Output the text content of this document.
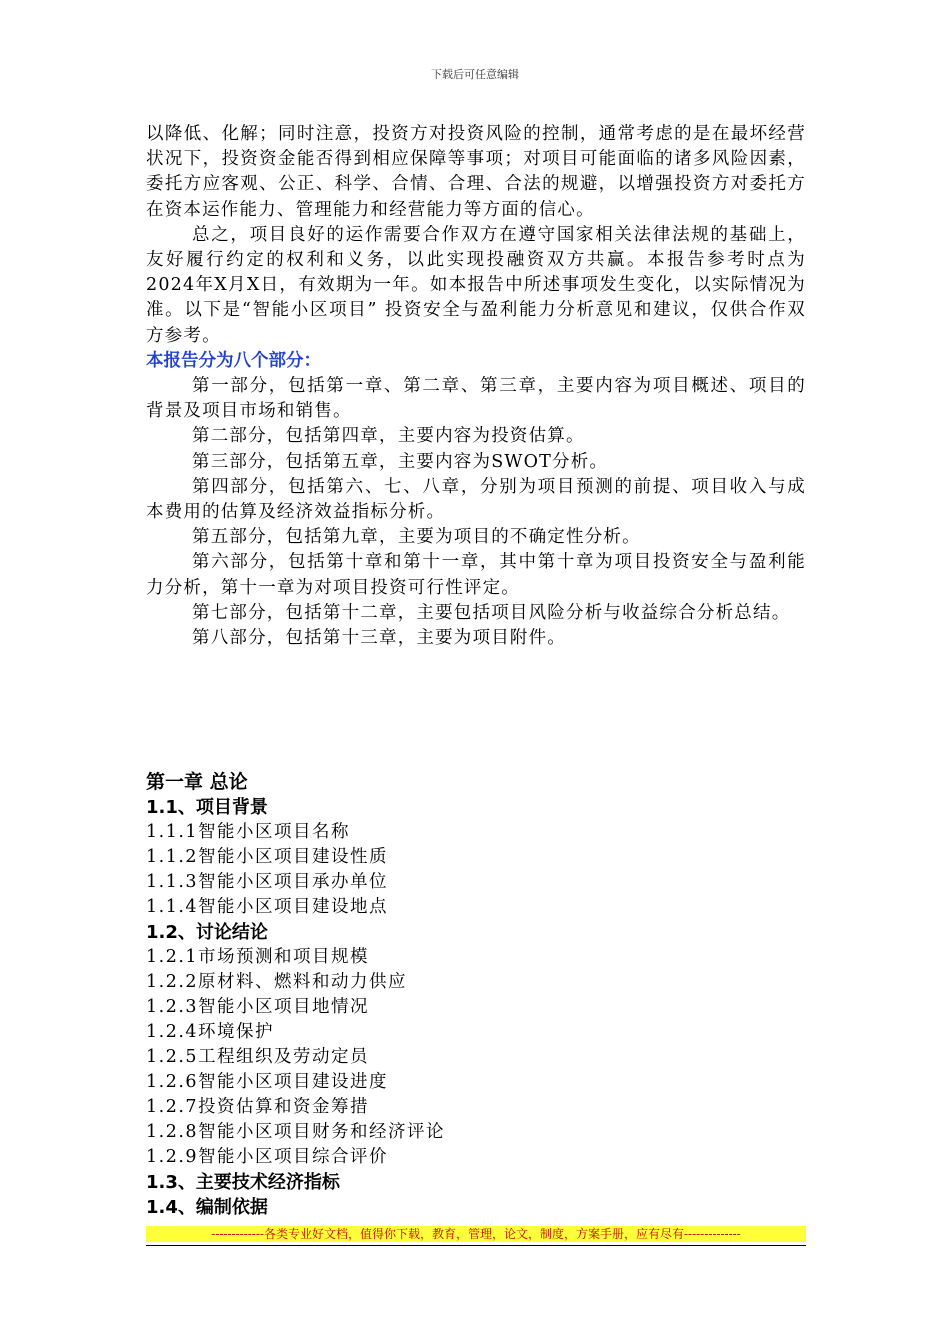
下载后可任意编辑

以降低、化解；同时注意，投资方对投资风险的控制，通常考虑的是在最坏经营状况下，投资资金能否得到相应保障等事项；对项目可能面临的诸多风险因素，委托方应客观、公正、科学、合情、合理、合法的规避，以增强投资方对委托方在资本运作能力、管理能力和经营能力等方面的信心。

总之，项目良好的运作需要合作双方在遵守国家相关法律法规的基础上，友好履行约定的权利和义务，以此实现投融资双方共赢。本报告参考时点为2024年X月X日，有效期为一年。如本报告中所述事项发生变化，以实际情况为准。以下是“智能小区项目” 投资安全与盈利能力分析意见和建议，仅供合作双方参考。

本报告分为八个部分：

第一部分，包括第一章、第二章、第三章，主要内容为项目概述、项目的背景及项目市场和销售。

第二部分，包括第四章，主要内容为投资估算。

第三部分，包括第五章，主要内容为SWOT分析。

第四部分，包括第六、七、八章，分别为项目预测的前提、项目收入与成本费用的估算及经济效益指标分析。

第五部分，包括第九章，主要为项目的不确定性分析。

第六部分，包括第十章和第十一章，其中第十章为项目投资安全与盈利能力分析，第十一章为对项目投资可行性评定。

第七部分，包括第十二章，主要包括项目风险分析与收益综合分析总结。

第八部分，包括第十三章，主要为项目附件。

第一章 总论

1.1、项目背景

1.1.1智能小区项目名称

1.1.2智能小区项目建设性质

1.1.3智能小区项目承办单位

1.1.4智能小区项目建设地点

1.2、讨论结论

1.2.1市场预测和项目规模

1.2.2原材料、燃料和动力供应

1.2.3智能小区项目地情况

1.2.4环境保护

1.2.5工程组织及劳动定员

1.2.6智能小区项目建设进度

1.2.7投资估算和资金筹措

1.2.8智能小区项目财务和经济评论

1.2.9智能小区项目综合评价

1.3、主要技术经济指标

1.4、编制依据

-------------各类专业好文档，值得你下载，教育，管理，论文，制度，方案手册，应有尽有--------------
